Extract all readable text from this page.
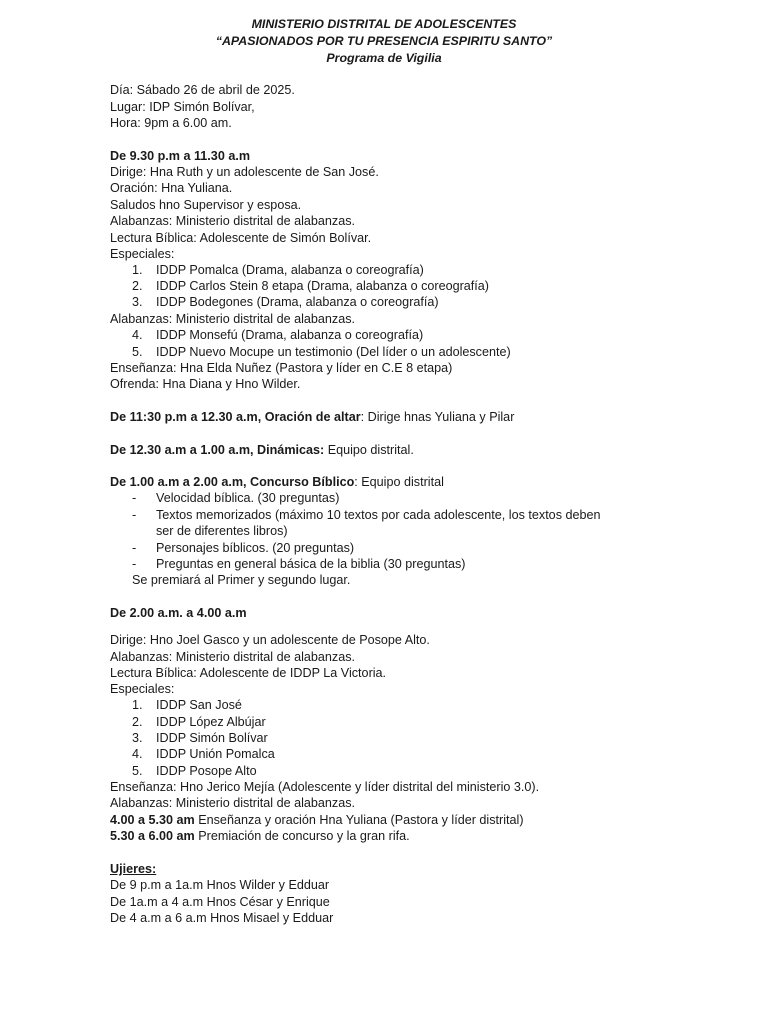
MINISTERIO DISTRITAL DE ADOLESCENTES
“APASIONADOS POR TU PRESENCIA ESPIRITU SANTO”
Programa de Vigilia
Día: Sábado 26 de abril de 2025.
Lugar: IDP Simón Bolívar,
Hora: 9pm a 6.00 am.
De 9.30 p.m a 11.30 a.m
Dirige: Hna Ruth y un adolescente de San José.
Oración: Hna Yuliana.
Saludos hno Supervisor y esposa.
Alabanzas: Ministerio distrital de alabanzas.
Lectura Bíblica: Adolescente de Simón Bolívar.
Especiales:
1.	IDDP Pomalca (Drama, alabanza o coreografía)
2.	IDDP Carlos Stein 8 etapa (Drama, alabanza o coreografía)
3.	IDDP Bodegones (Drama, alabanza o coreografía)
Alabanzas: Ministerio distrital de alabanzas.
4.	IDDP Monsefú (Drama, alabanza o coreografía)
5.	IDDP Nuevo Mocupe un testimonio (Del líder o un adolescente)
Enseñanza: Hna Elda Nuñez (Pastora y líder en C.E 8 etapa)
Ofrenda: Hna Diana y Hno Wilder.
De 11:30 p.m a 12.30 a.m, Oración de altar: Dirige hnas Yuliana y Pilar
De 12.30 a.m a 1.00 a.m, Dinámicas: Equipo distrital.
De 1.00 a.m a 2.00 a.m, Concurso Bíblico: Equipo distrital
-	Velocidad bíblica. (30 preguntas)
-	Textos memorizados (máximo 10 textos por cada adolescente, los textos deben
ser de diferentes libros)
-	Personajes bíblicos. (20 preguntas)
-	Preguntas en general básica de la biblia (30 preguntas)
Se premiará al Primer y segundo lugar.
De 2.00 a.m. a 4.00 a.m
Dirige: Hno Joel Gasco y un adolescente de Posope Alto.
Alabanzas: Ministerio distrital de alabanzas.
Lectura Bíblica: Adolescente de IDDP La Victoria.
Especiales:
1.	IDDP San José
2.	IDDP López Albújar
3.	IDDP Simón Bolívar
4.	IDDP Unión Pomalca
5.	IDDP Posope Alto
Enseñanza: Hno Jerico Mejía (Adolescente y líder distrital del ministerio 3.0).
Alabanzas: Ministerio distrital de alabanzas.
4.00 a 5.30 am Enseñanza y oración Hna Yuliana (Pastora y líder distrital)
5.30 a 6.00 am Premiación de concurso y la gran rifa.
Ujieres:
De 9 p.m a 1a.m Hnos Wilder y Edduar
De 1a.m a 4 a.m Hnos César y Enrique
De 4 a.m a 6 a.m Hnos Misael y Edduar
